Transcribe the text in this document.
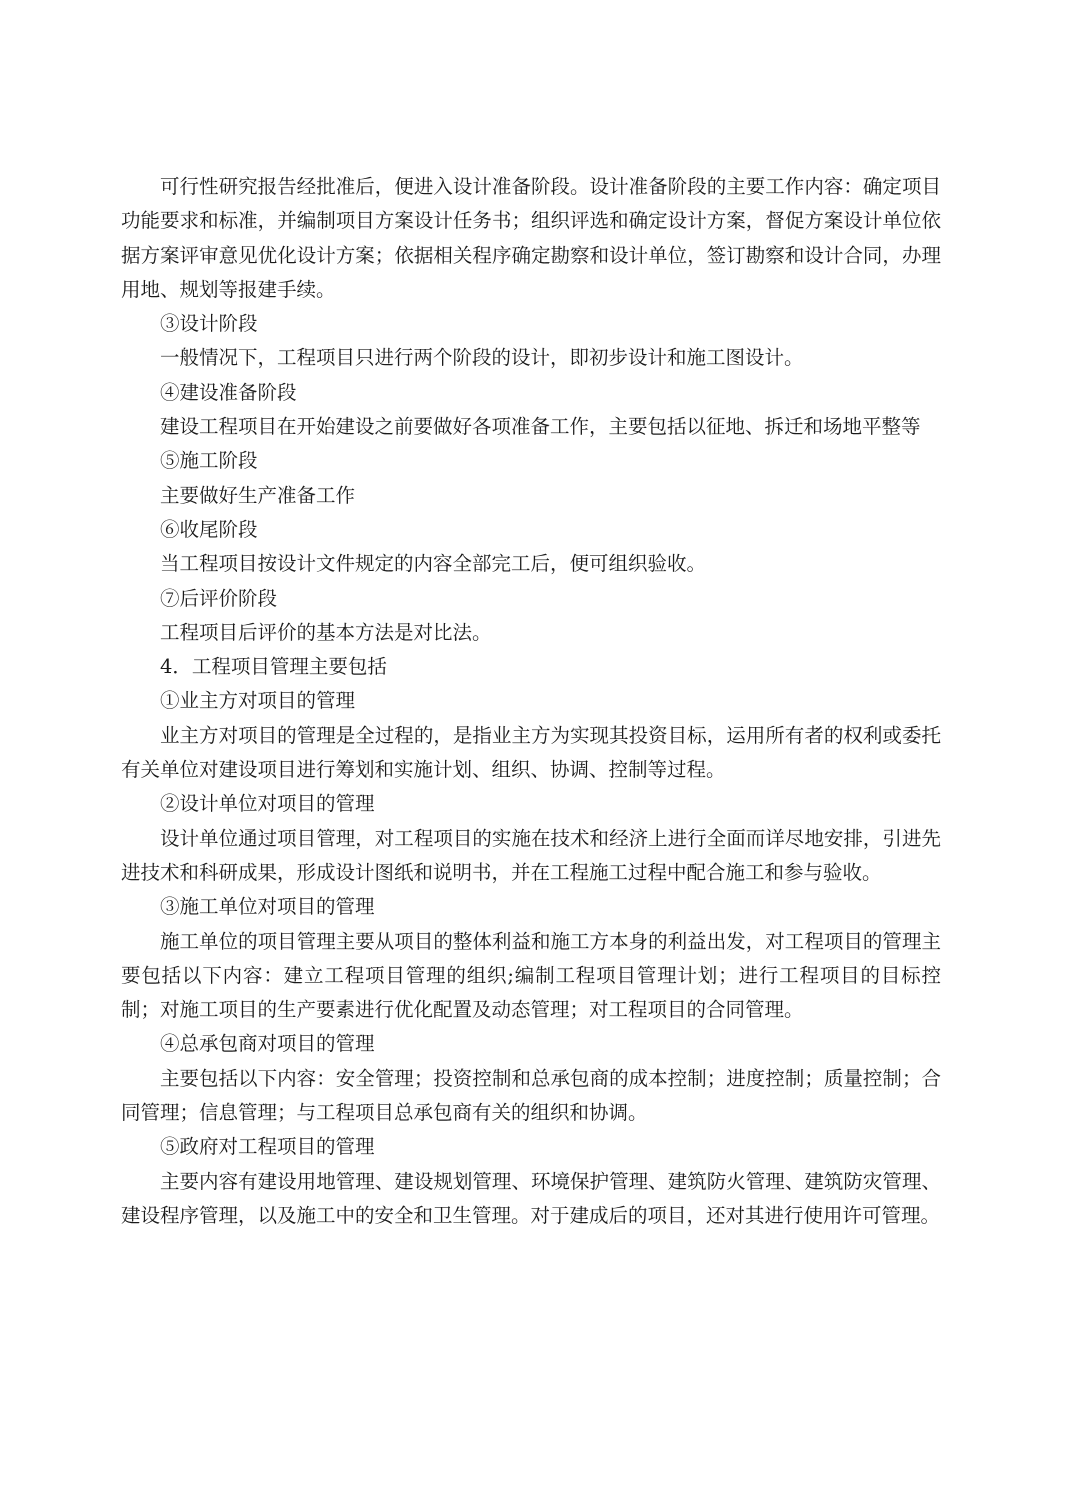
可行性研究报告经批准后，便进入设计准备阶段。设计准备阶段的主要工作内容：确定项目功能要求和标准，并编制项目方案设计任务书；组织评选和确定设计方案，督促方案设计单位依据方案评审意见优化设计方案；依据相关程序确定勘察和设计单位，签订勘察和设计合同，办理用地、规划等报建手续。

③设计阶段

一般情况下，工程项目只进行两个阶段的设计，即初步设计和施工图设计。

④建设准备阶段

建设工程项目在开始建设之前要做好各项准备工作，主要包括以征地、拆迁和场地平整等

⑤施工阶段

主要做好生产准备工作

⑥收尾阶段

当工程项目按设计文件规定的内容全部完工后，便可组织验收。

⑦后评价阶段

工程项目后评价的基本方法是对比法。

4．工程项目管理主要包括

①业主方对项目的管理

业主方对项目的管理是全过程的，是指业主方为实现其投资目标，运用所有者的权利或委托有关单位对建设项目进行筹划和实施计划、组织、协调、控制等过程。

②设计单位对项目的管理

设计单位通过项目管理，对工程项目的实施在技术和经济上进行全面而详尽地安排，引进先进技术和科研成果，形成设计图纸和说明书，并在工程施工过程中配合施工和参与验收。

③施工单位对项目的管理

施工单位的项目管理主要从项目的整体利益和施工方本身的利益出发，对工程项目的管理主要包括以下内容：建立工程项目管理的组织;编制工程项目管理计划；进行工程项目的目标控制；对施工项目的生产要素进行优化配置及动态管理；对工程项目的合同管理。

④总承包商对项目的管理

主要包括以下内容：安全管理；投资控制和总承包商的成本控制；进度控制；质量控制；合同管理；信息管理；与工程项目总承包商有关的组织和协调。

⑤政府对工程项目的管理

主要内容有建设用地管理、建设规划管理、环境保护管理、建筑防火管理、建筑防灾管理、建设程序管理，以及施工中的安全和卫生管理。对于建成后的项目，还对其进行使用许可管理。
